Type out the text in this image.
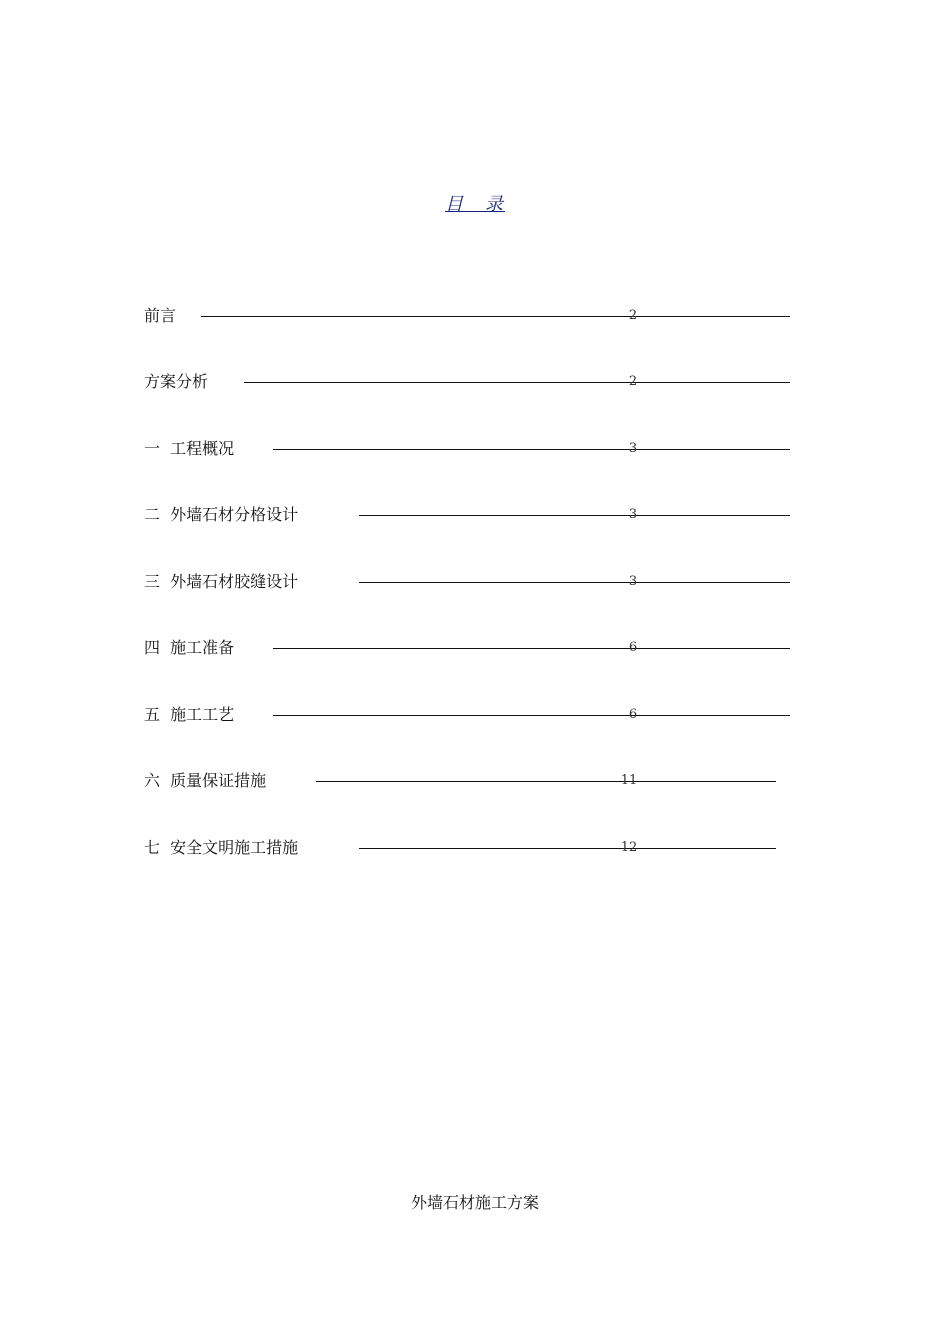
目　录
前言	2
方案分析	2
一  工程概况	3
二  外墙石材分格设计	3
三  外墙石材胶缝设计	3
四  施工准备	6
五  施工工艺	6
六  质量保证措施	11
七  安全文明施工措施	12
外墙石材施工方案
